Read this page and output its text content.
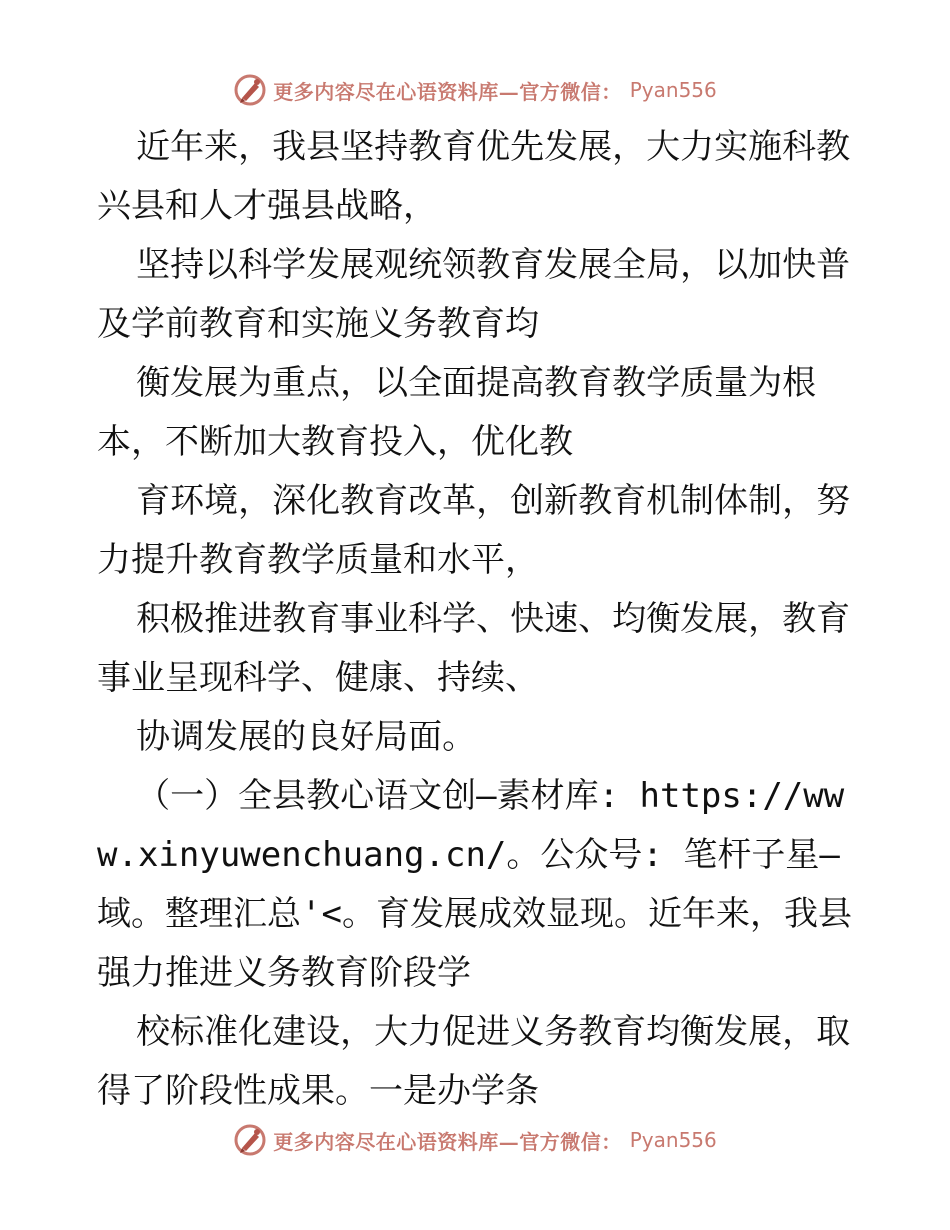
更多内容尽在心语资料库—官方微信： Pyan556

近年来，我县坚持教育优先发展，大力实施科教兴县和人才强县战略，

坚持以科学发展观统领教育发展全局，以加快普及学前教育和实施义务教育均

衡发展为重点，以全面提高教育教学质量为根本，不断加大教育投入，优化教

育环境，深化教育改革，创新教育机制体制，努力提升教育教学质量和水平，

积极推进教育事业科学、快速、均衡发展，教育事业呈现科学、健康、持续、

协调发展的良好局面。

（一）全县教心语文创—素材库: https://www.xinyuwenchuang.cn/。公众号: 笔杆子星—域。整理汇总'<。育发展成效显现。近年来，我县强力推进义务教育阶段学

校标准化建设，大力促进义务教育均衡发展，取得了阶段性成果。一是办学条

更多内容尽在心语资料库—官方微信： Pyan556
